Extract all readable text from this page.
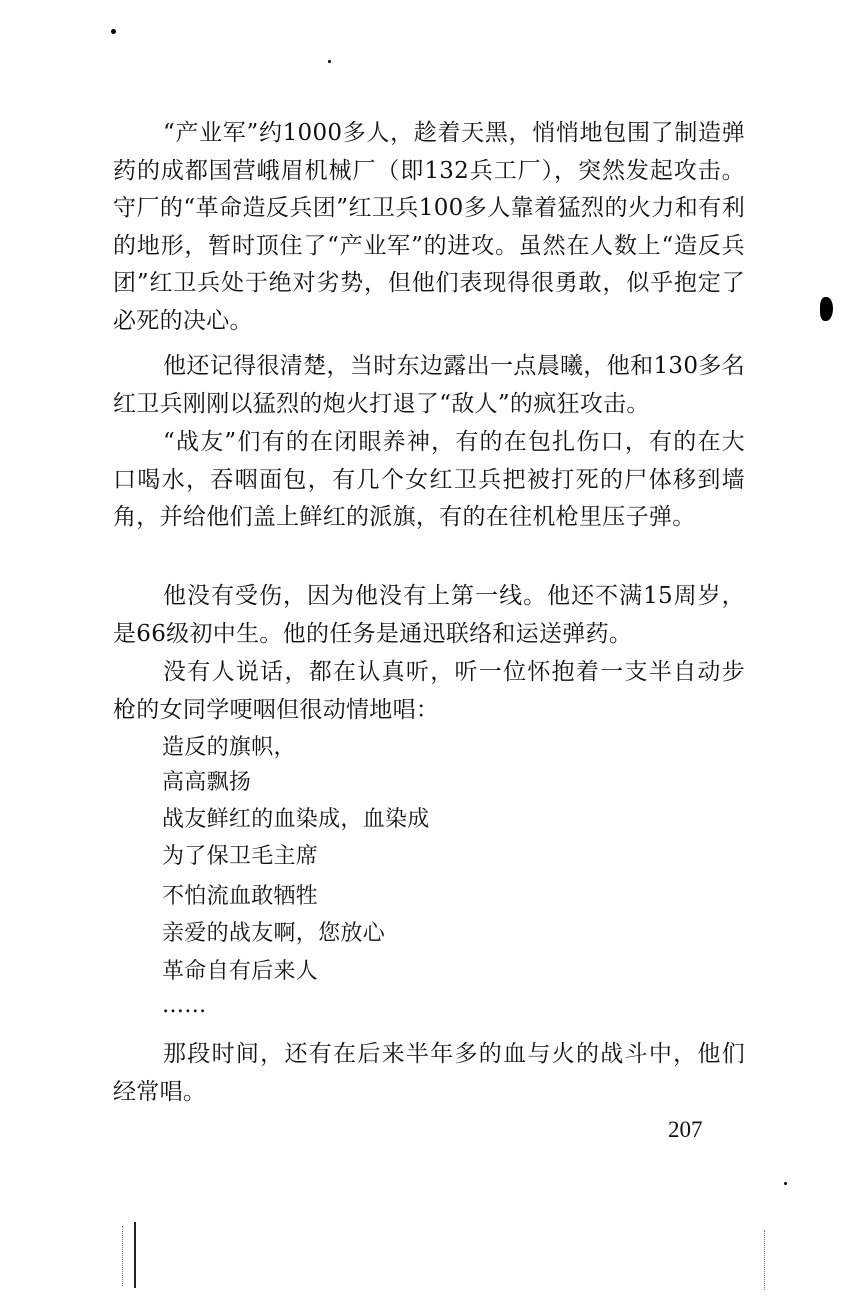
“产业军”约1000多人，趁着天黑，悄悄地包围了制造弹药的成都国营峨眉机械厂（即132兵工厂），突然发起攻击。守厂的“革命造反兵团”红卫兵100多人靠着猛烈的火力和有利的地形，暂时顶住了“产业军”的进攻。虽然在人数上“造反兵团”红卫兵处于绝对劣势，但他们表现得很勇敢，似乎抱定了必死的决心。

他还记得很清楚，当时东边露出一点晨曦，他和130多名红卫兵刚刚以猛烈的炮火打退了“敌人”的疯狂攻击。

“战友”们有的在闭眼养神，有的在包扎伤口，有的在大口喝水，吞咽面包，有几个女红卫兵把被打死的尸体移到墙角，并给他们盖上鲜红的派旗，有的在往机枪里压子弹。

他没有受伤，因为他没有上第一线。他还不满15周岁，是66级初中生。他的任务是通迅联络和运送弹药。

没有人说话，都在认真听，听一位怀抱着一支半自动步枪的女同学哽咽但很动情地唱：

造反的旗帜，

高高飘扬

战友鲜红的血染成，血染成

为了保卫毛主席

不怕流血敢牺牲

亲爱的战友啊，您放心

革命自有后来人

……

那段时间，还有在后来半年多的血与火的战斗中，他们经常唱。

207
